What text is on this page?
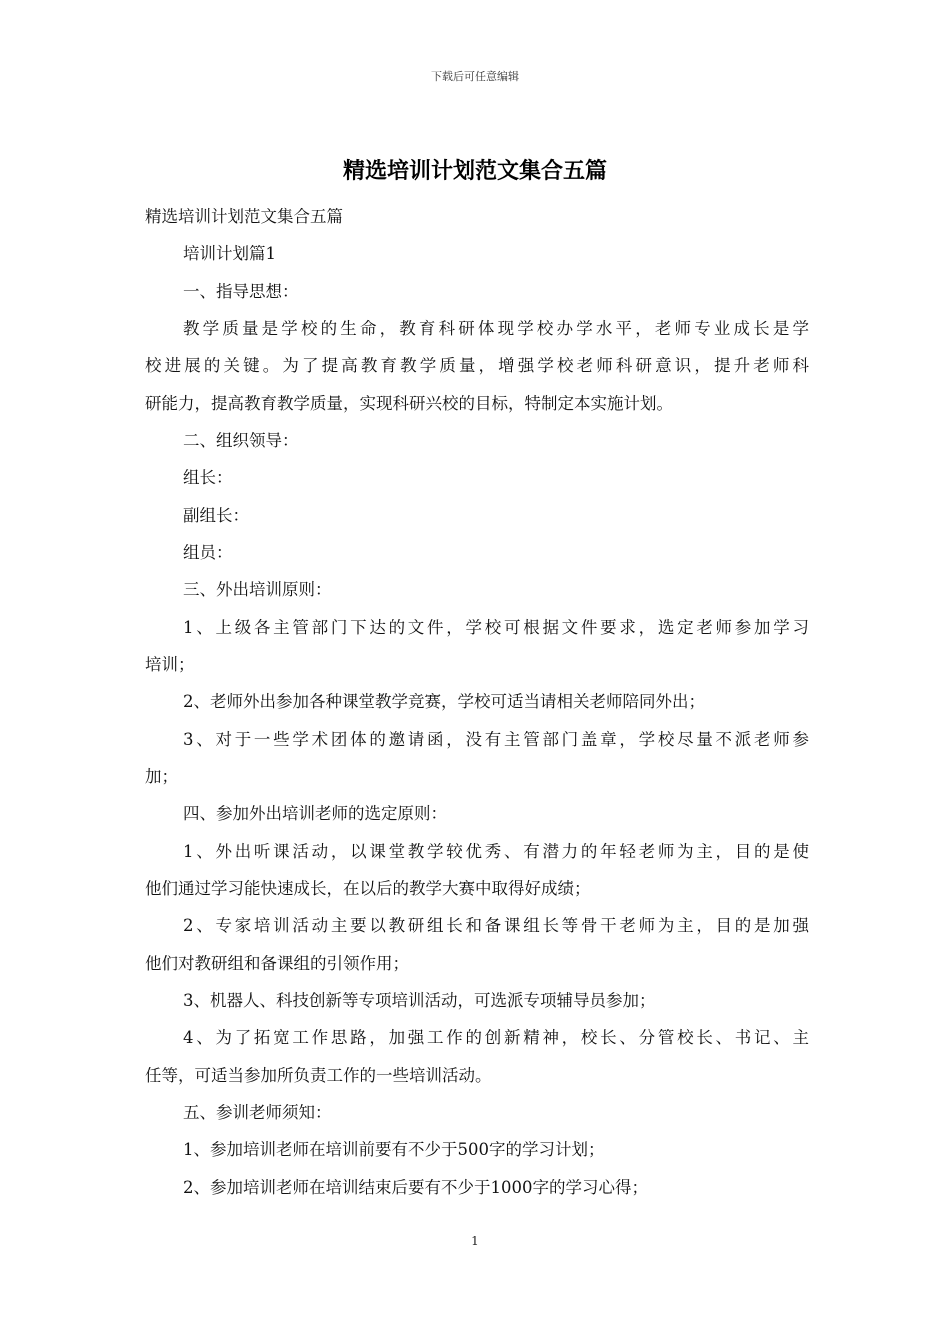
下载后可任意编辑
精选培训计划范文集合五篇
精选培训计划范文集合五篇
培训计划篇1
一、指导思想：
教学质量是学校的生命，教育科研体现学校办学水平，老师专业成长是学
校进展的关键。为了提高教育教学质量，增强学校老师科研意识，提升老师科
研能力，提高教育教学质量，实现科研兴校的目标，特制定本实施计划。
二、组织领导：
组长：
副组长：
组员：
三、外出培训原则：
1、上级各主管部门下达的文件，学校可根据文件要求，选定老师参加学习
培训；
2、老师外出参加各种课堂教学竞赛，学校可适当请相关老师陪同外出；
3、对于一些学术团体的邀请函，没有主管部门盖章，学校尽量不派老师参
加；
四、参加外出培训老师的选定原则：
1、外出听课活动，以课堂教学较优秀、有潜力的年轻老师为主，目的是使
他们通过学习能快速成长，在以后的教学大赛中取得好成绩；
2、专家培训活动主要以教研组长和备课组长等骨干老师为主，目的是加强
他们对教研组和备课组的引领作用；
3、机器人、科技创新等专项培训活动，可选派专项辅导员参加；
4、为了拓宽工作思路，加强工作的创新精神，校长、分管校长、书记、主
任等，可适当参加所负责工作的一些培训活动。
五、参训老师须知：
1、参加培训老师在培训前要有不少于500字的学习计划；
2、参加培训老师在培训结束后要有不少于1000字的学习心得；
1
